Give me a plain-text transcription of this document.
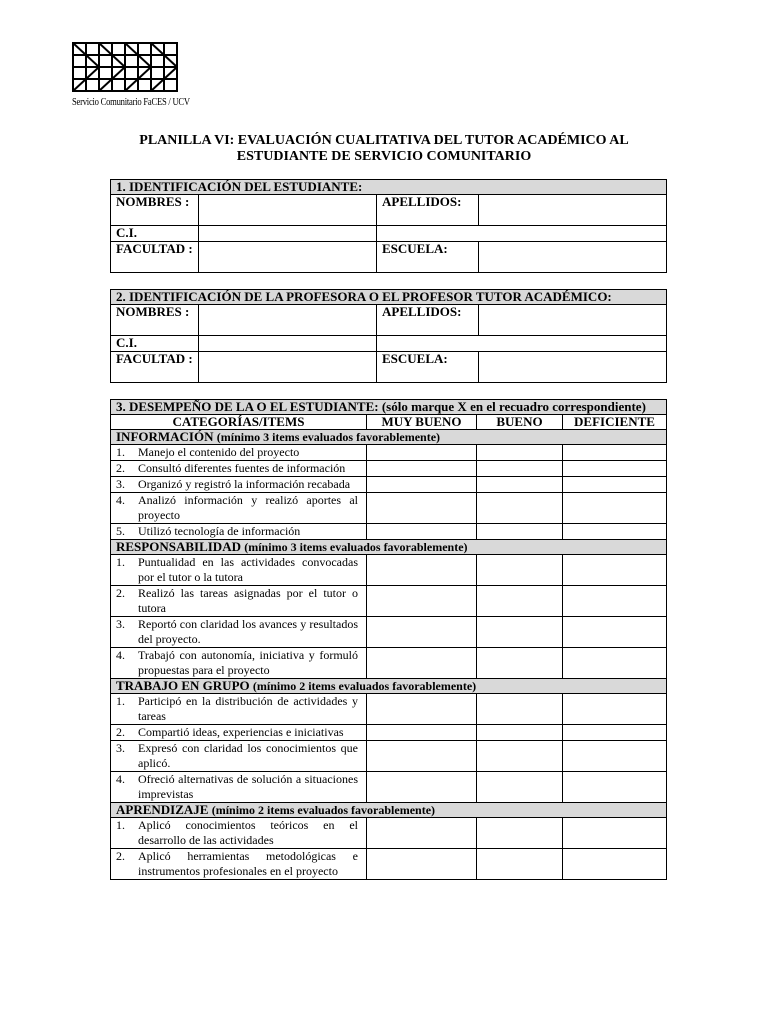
Servicio Comunitario FaCES / UCV
PLANILLA VI: EVALUACIÓN CUALITATIVA DEL TUTOR ACADÉMICO AL
ESTUDIANTE DE SERVICIO COMUNITARIO
1. IDENTIFICACIÓN DEL ESTUDIANTE:			
NOMBRES :		APELLIDOS:	
C.I.			
FACULTAD :		ESCUELA:	
2. IDENTIFICACIÓN DE LA PROFESORA O EL PROFESOR TUTOR ACADÉMICO:			
NOMBRES :		APELLIDOS:	
C.I.			
FACULTAD :		ESCUELA:	
3. DESEMPEÑO DE LA O EL ESTUDIANTE: (sólo marque X en el recuadro correspondiente)			
CATEGORÍAS/ITEMS	MUY BUENO	BUENO	DEFICIENTE
INFORMACIÓN (mínimo 3 items evaluados favorablemente)			
1. Manejo el contenido del proyecto			
2. Consultó diferentes fuentes de información			
3. Organizó y registró la información recabada			
4. Analizó información y realizó aportes al proyecto			
5. Utilizó tecnología de información			
RESPONSABILIDAD (mínimo 3 items evaluados favorablemente)			
1. Puntualidad en las actividades convocadas por el tutor o la tutora			
2. Realizó las tareas asignadas por el tutor o tutora			
3. Reportó con claridad los avances y resultados del proyecto.			
4. Trabajó con autonomía, iniciativa y formuló propuestas para el proyecto			
TRABAJO EN GRUPO (mínimo 2 items evaluados favorablemente)			
1. Participó en la distribución de actividades y tareas			
2. Compartió ideas, experiencias e iniciativas			
3. Expresó con claridad los conocimientos que aplicó.			
4. Ofreció alternativas de solución a situaciones imprevistas			
APRENDIZAJE (mínimo 2 items evaluados favorablemente)			
1. Aplicó conocimientos teóricos en el desarrollo de las actividades			
2. Aplicó herramientas metodológicas e instrumentos profesionales en el proyecto			
